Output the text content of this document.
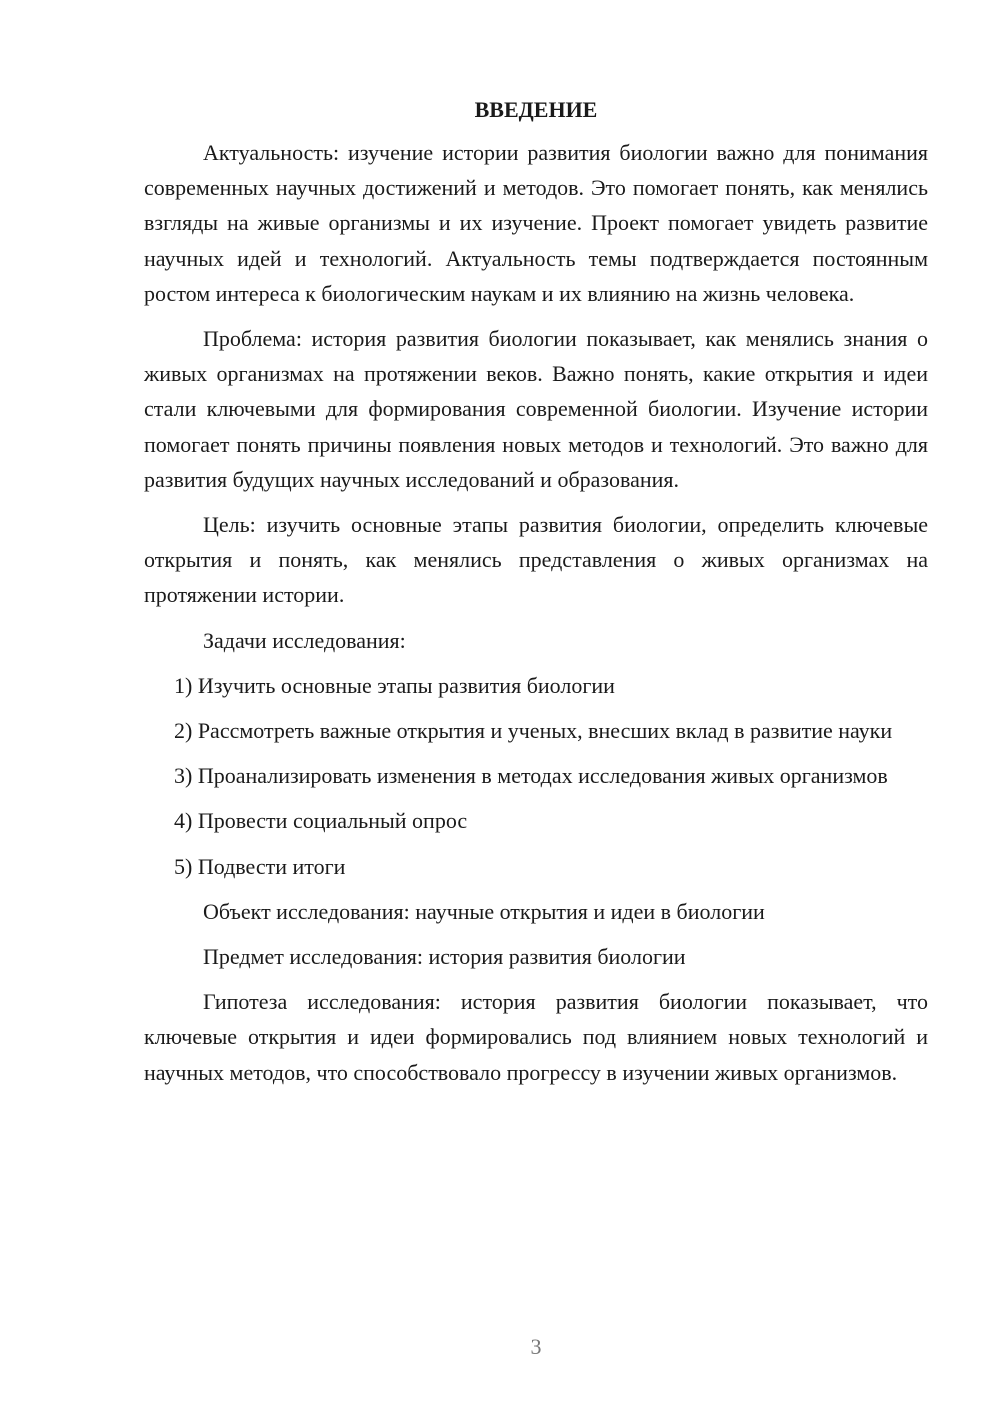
ВВЕДЕНИЕ

Актуальность: изучение истории развития биологии важно для понимания современных научных достижений и методов. Это помогает понять, как менялись взгляды на живые организмы и их изучение. Проект помогает увидеть развитие научных идей и технологий. Актуальность темы подтверждается постоянным ростом интереса к биологическим наукам и их влиянию на жизнь человека.

Проблема: история развития биологии показывает, как менялись знания о живых организмах на протяжении веков. Важно понять, какие открытия и идеи стали ключевыми для формирования современной биологии. Изучение истории помогает понять причины появления новых методов и технологий. Это важно для развития будущих научных исследований и образования.

Цель: изучить основные этапы развития биологии, определить ключевые открытия и понять, как менялись представления о живых организмах на протяжении истории.

Задачи исследования:

1) Изучить основные этапы развития биологии

2) Рассмотреть важные открытия и ученых, внесших вклад в развитие науки

3) Проанализировать изменения в методах исследования живых организмов

4) Провести социальный опрос

5) Подвести итоги

Объект исследования: научные открытия и идеи в биологии

Предмет исследования: история развития биологии

Гипотеза исследования: история развития биологии показывает, что ключевые открытия и идеи формировались под влиянием новых технологий и научных методов, что способствовало прогрессу в изучении живых организмов.

3
